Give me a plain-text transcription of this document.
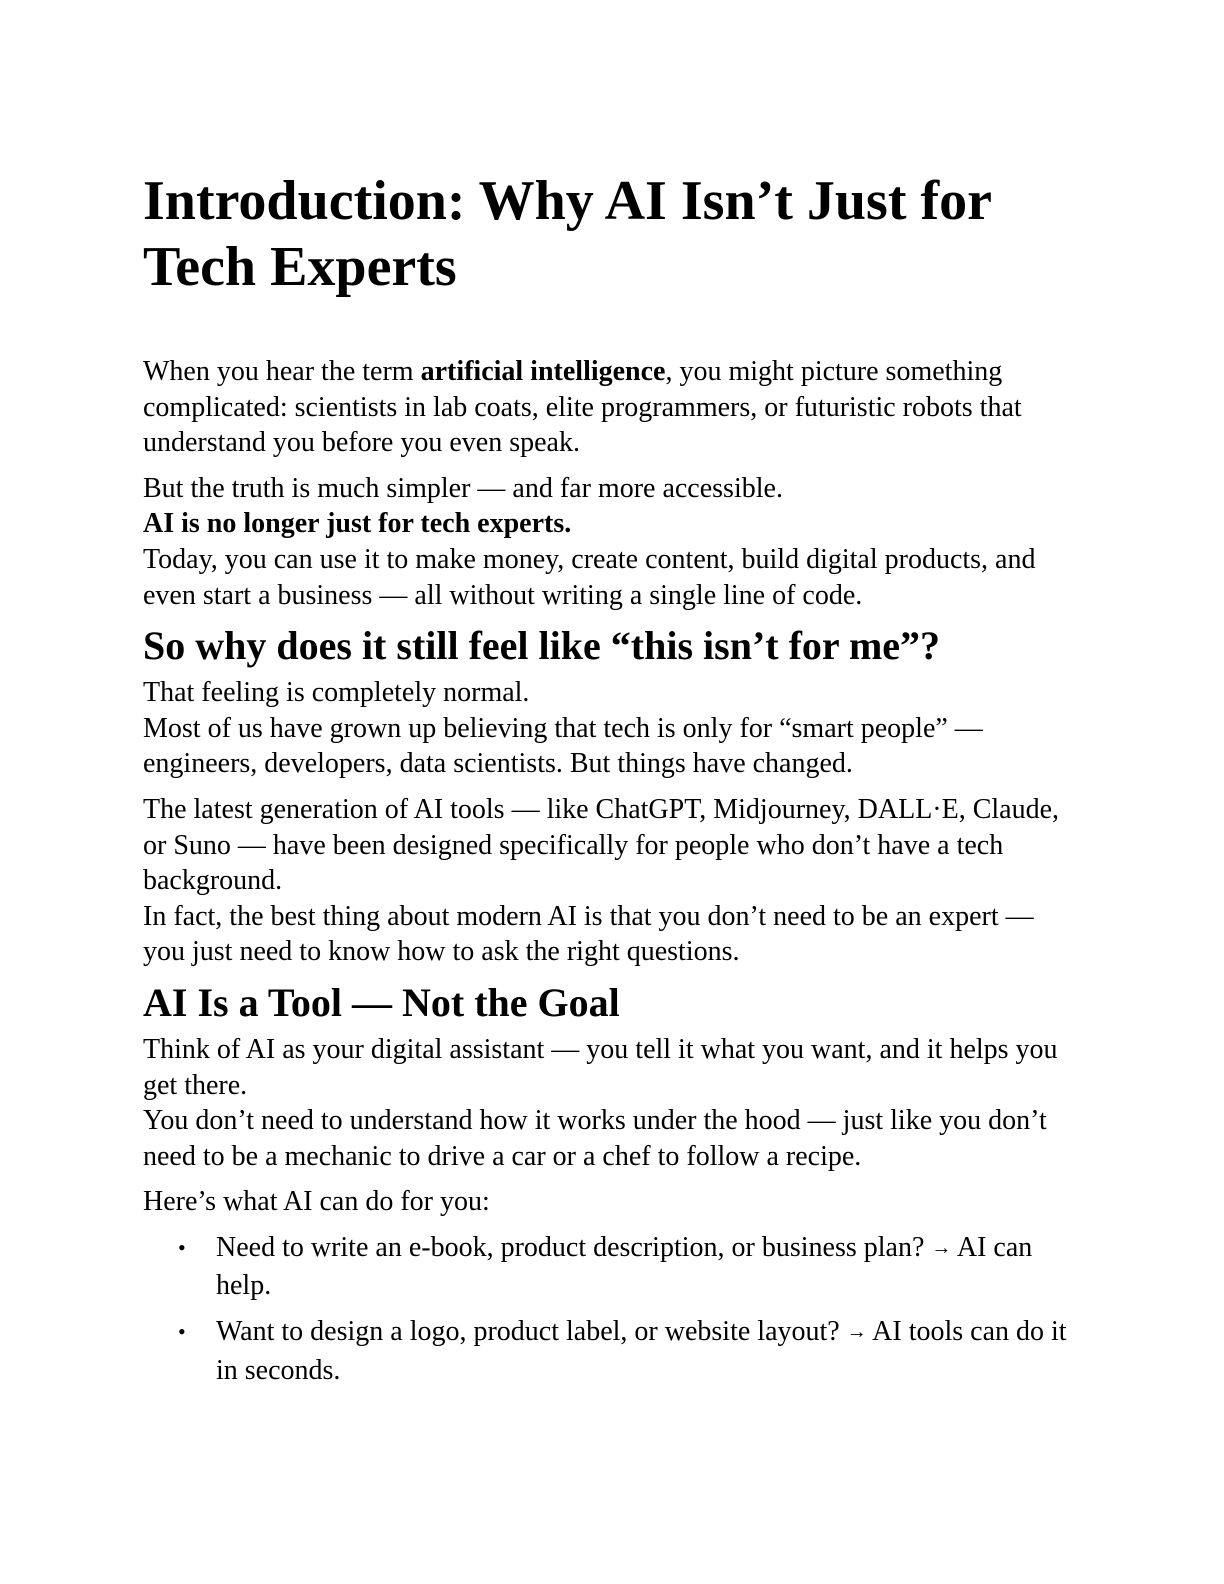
Introduction: Why AI Isn’t Just for Tech Experts

When you hear the term artificial intelligence, you might picture something complicated: scientists in lab coats, elite programmers, or futuristic robots that understand you before you even speak.

But the truth is much simpler — and far more accessible.

AI is no longer just for tech experts.

Today, you can use it to make money, create content, build digital products, and even start a business — all without writing a single line of code.

So why does it still feel like “this isn’t for me”?

That feeling is completely normal.

Most of us have grown up believing that tech is only for “smart people” — engineers, developers, data scientists. But things have changed.

The latest generation of AI tools — like ChatGPT, Midjourney, DALL·E, Claude, or Suno — have been designed specifically for people who don’t have a tech background.

In fact, the best thing about modern AI is that you don’t need to be an expert — you just need to know how to ask the right questions.

AI Is a Tool — Not the Goal

Think of AI as your digital assistant — you tell it what you want, and it helps you get there.

You don’t need to understand how it works under the hood — just like you don’t need to be a mechanic to drive a car or a chef to follow a recipe.

Here’s what AI can do for you:

• Need to write an e-book, product description, or business plan? → AI can help.
• Want to design a logo, product label, or website layout? → AI tools can do it in seconds.
